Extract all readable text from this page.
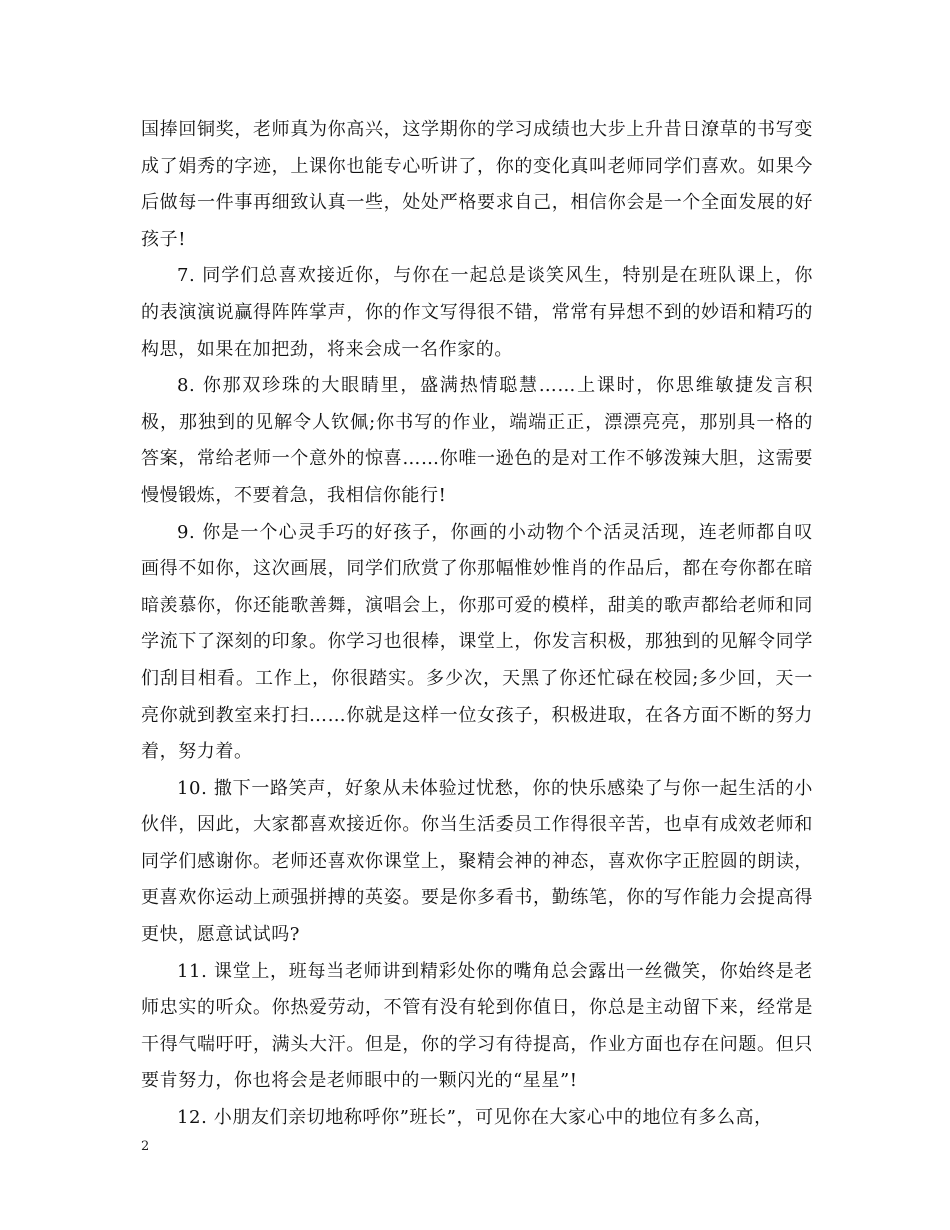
国捧回铜奖，老师真为你高兴，这学期你的学习成绩也大步上升昔日潦草的书写变成了娟秀的字迹，上课你也能专心听讲了，你的变化真叫老师同学们喜欢。如果今后做每一件事再细致认真一些，处处严格要求自己，相信你会是一个全面发展的好孩子!

7. 同学们总喜欢接近你，与你在一起总是谈笑风生，特别是在班队课上，你的表演演说赢得阵阵掌声，你的作文写得很不错，常常有异想不到的妙语和精巧的构思，如果在加把劲，将来会成一名作家的。

8. 你那双珍珠的大眼睛里，盛满热情聪慧……上课时，你思维敏捷发言积极，那独到的见解令人钦佩;你书写的作业，端端正正，漂漂亮亮，那别具一格的答案，常给老师一个意外的惊喜……你唯一逊色的是对工作不够泼辣大胆，这需要慢慢锻炼，不要着急，我相信你能行!

9. 你是一个心灵手巧的好孩子，你画的小动物个个活灵活现，连老师都自叹画得不如你，这次画展，同学们欣赏了你那幅惟妙惟肖的作品后，都在夸你都在暗暗羡慕你，你还能歌善舞，演唱会上，你那可爱的模样，甜美的歌声都给老师和同学流下了深刻的印象。你学习也很棒，课堂上，你发言积极，那独到的见解令同学们刮目相看。工作上，你很踏实。多少次，天黑了你还忙碌在校园;多少回，天一亮你就到教室来打扫……你就是这样一位女孩子，积极进取，在各方面不断的努力着，努力着。

10. 撒下一路笑声，好象从未体验过忧愁，你的快乐感染了与你一起生活的小伙伴，因此，大家都喜欢接近你。你当生活委员工作得很辛苦，也卓有成效老师和同学们感谢你。老师还喜欢你课堂上，聚精会神的神态，喜欢你字正腔圆的朗读，更喜欢你运动上顽强拼搏的英姿。要是你多看书，勤练笔，你的写作能力会提高得更快，愿意试试吗?

11. 课堂上，班每当老师讲到精彩处你的嘴角总会露出一丝微笑，你始终是老师忠实的听众。你热爱劳动，不管有没有轮到你值日，你总是主动留下来，经常是干得气喘吁吁，满头大汗。但是，你的学习有待提高，作业方面也存在问题。但只要肯努力，你也将会是老师眼中的一颗闪光的“星星”!

12. 小朋友们亲切地称呼你”班长”，可见你在大家心中的地位有多么高，

2
